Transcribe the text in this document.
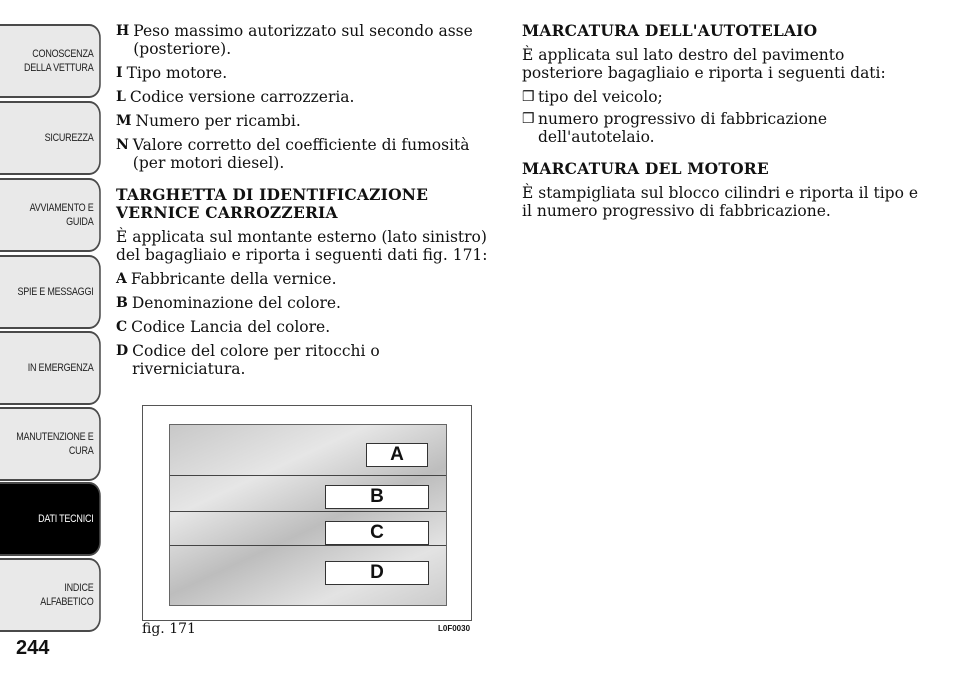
CONOSCENZA
DELLA VETTURA
SICUREZZA
AVVIAMENTO E
GUIDA
SPIE E MESSAGGI
IN EMERGENZA
MANUTENZIONE E
CURA
DATI TECNICI
INDICE
ALFABETICO
244
H Peso massimo autorizzato sul secondo asse (posteriore).
I Tipo motore.
L Codice versione carrozzeria.
M Numero per ricambi.
N Valore corretto del coefficiente di fumosità (per motori diesel).
TARGHETTA DI IDENTIFICAZIONE VERNICE CARROZZERIA
È applicata sul montante esterno (lato sinistro) del bagagliaio e riporta i seguenti dati fig. 171:
A Fabbricante della vernice.
B Denominazione del colore.
C Codice Lancia del colore.
D Codice del colore per ritocchi o riverniciatura.
MARCATURA DELL'AUTOTELAIO
È applicata sul lato destro del pavimento posteriore bagagliaio e riporta i seguenti dati:
❒ tipo del veicolo;
❒ numero progressivo di fabbricazione dell'autotelaio.
MARCATURA DEL MOTORE
È stampigliata sul blocco cilindri e riporta il tipo e il numero progressivo di fabbricazione.
A
B
C
D
fig. 171	L0F0030
